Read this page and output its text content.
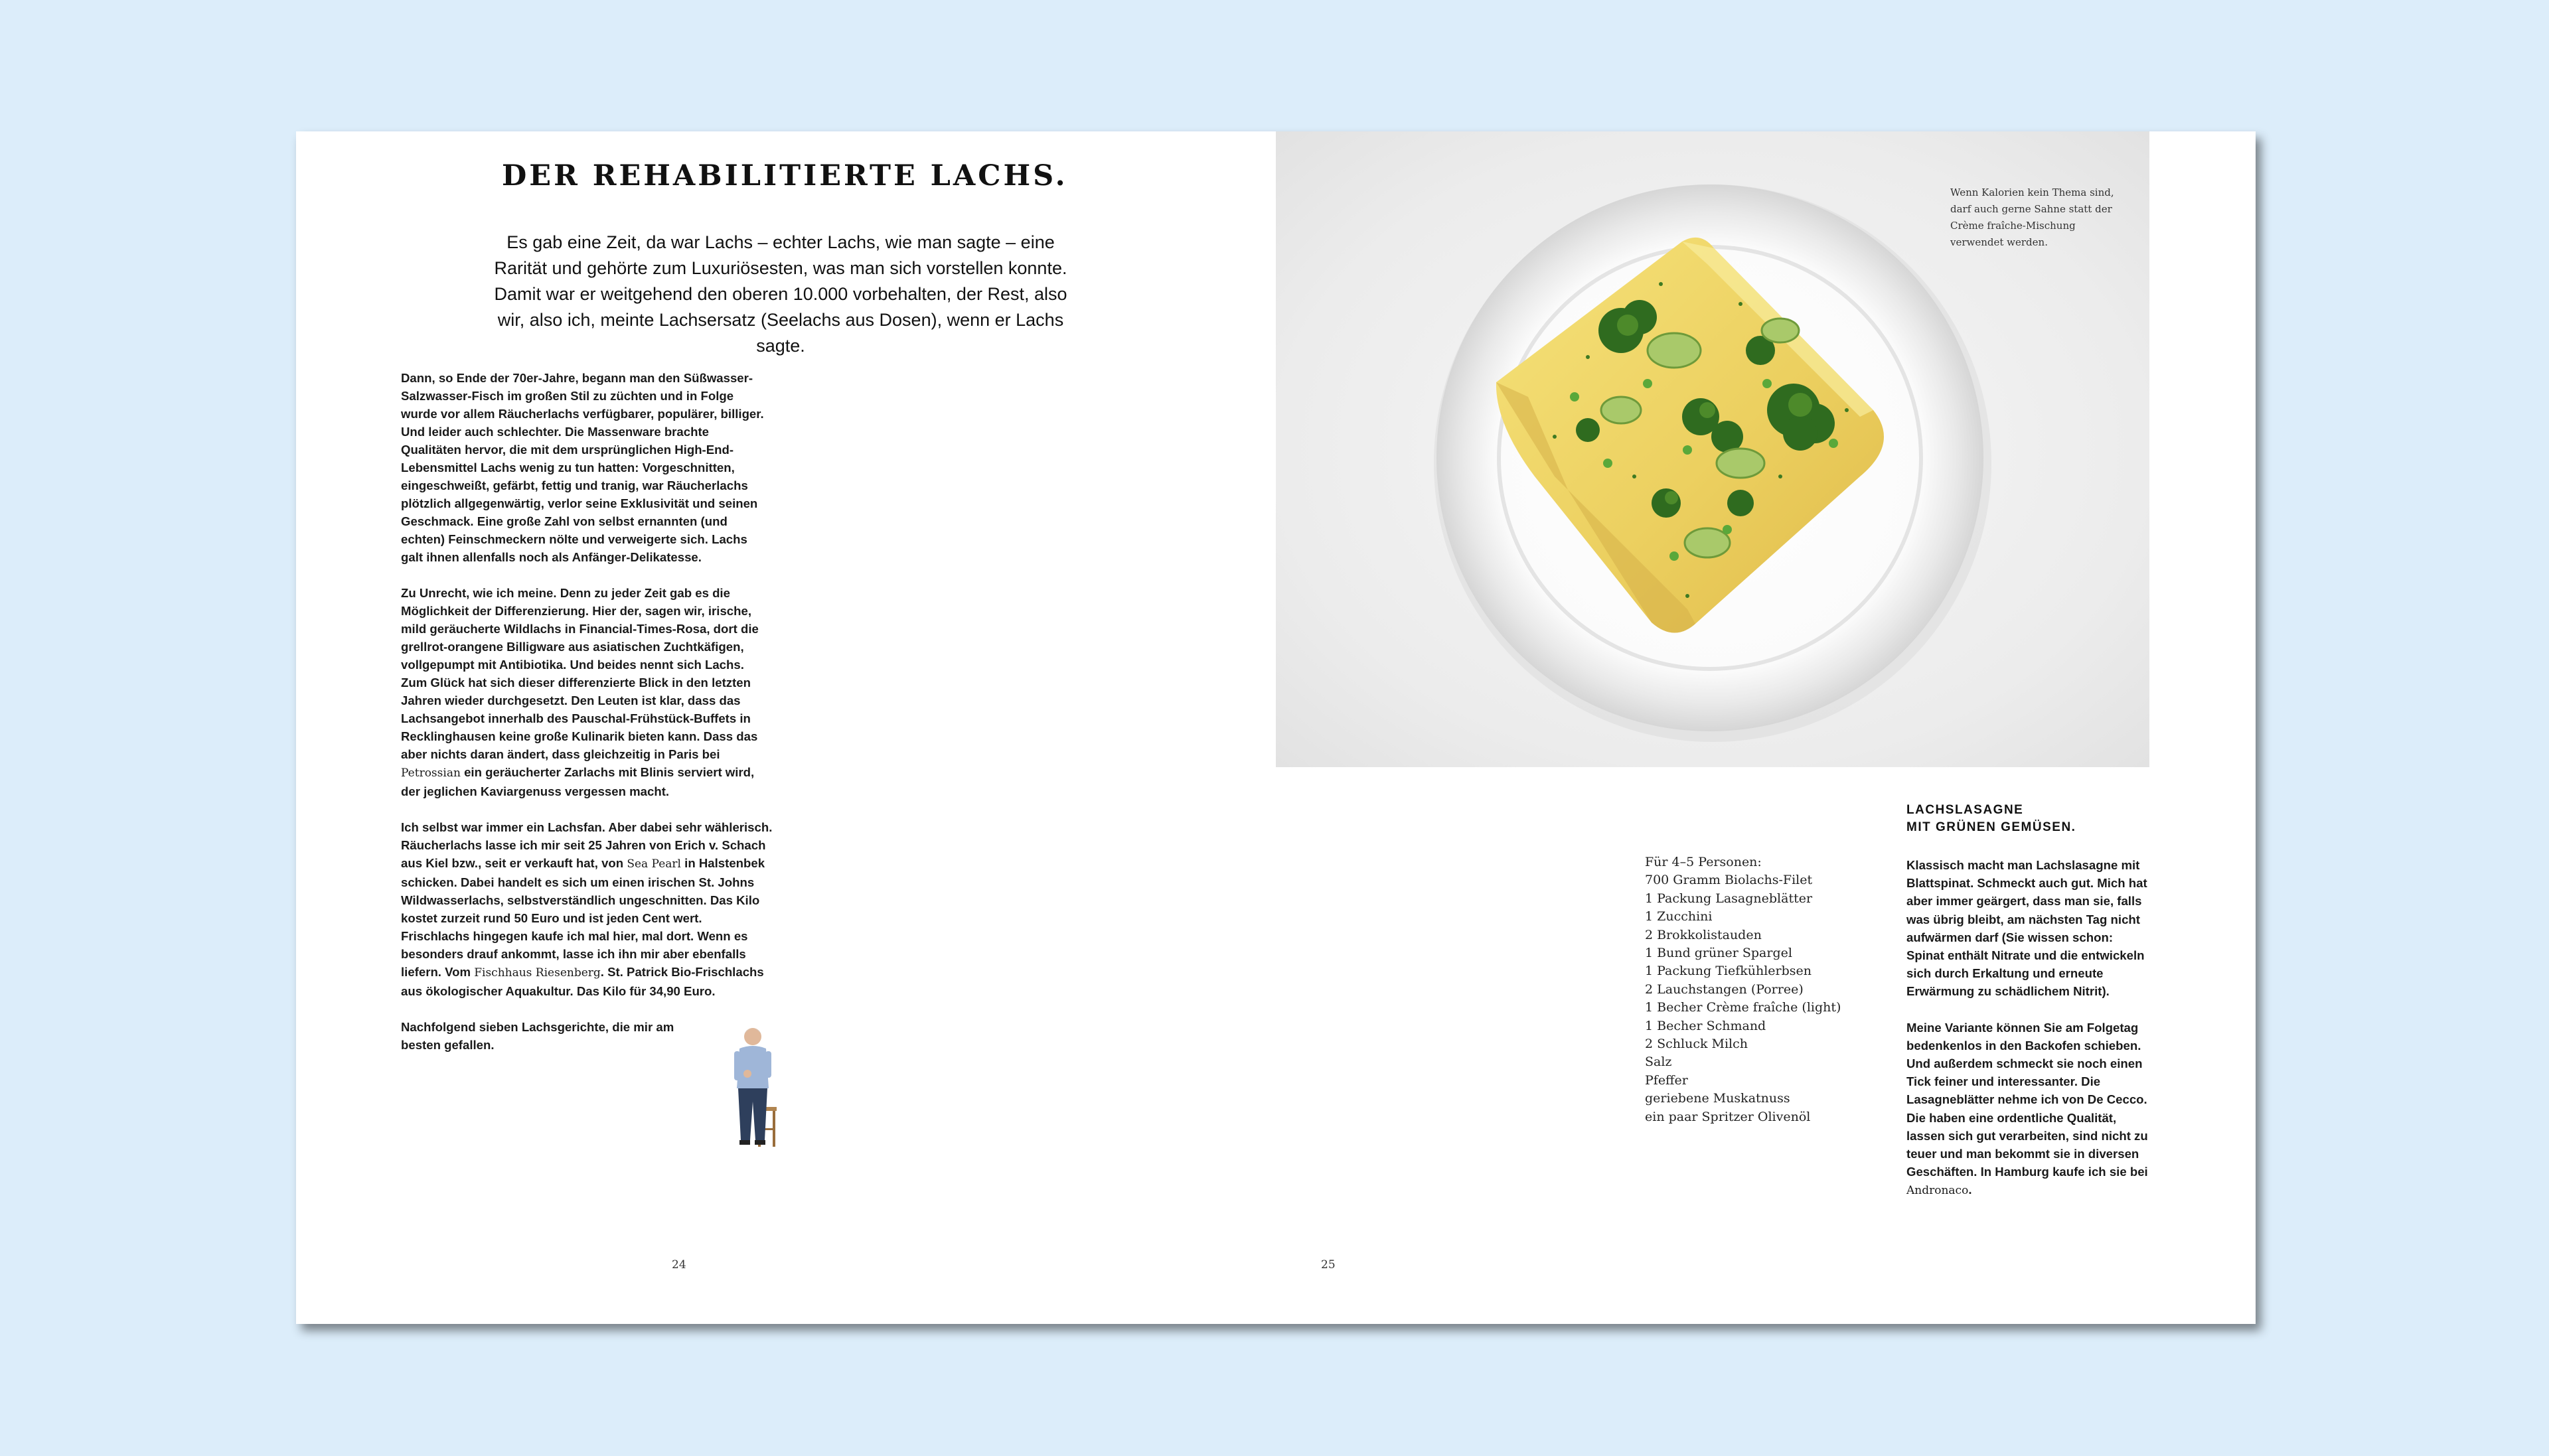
DER REHABILITIERTE LACHS.
Es gab eine Zeit, da war Lachs – echter Lachs, wie man sagte – eine Rarität und gehörte zum Luxuriösesten, was man sich vorstellen konnte. Damit war er weitgehend den oberen 10.000 vorbehalten, der Rest, also wir, also ich, meinte Lachsersatz (Seelachs aus Dosen), wenn er Lachs sagte.

Dann, so Ende der 70er-Jahre, begann man den Süßwasser-Salzwasser-Fisch im großen Stil zu züchten und in Folge wurde vor allem Räucherlachs verfügbarer, populärer, billiger. Und leider auch schlechter. Die Massenware brachte Qualitäten hervor, die mit dem ursprünglichen High-End-Lebensmittel Lachs wenig zu tun hatten: Vorgeschnitten, eingeschweißt, gefärbt, fettig und tranig, war Räucherlachs plötzlich allgegenwärtig, verlor seine Exklusivität und seinen Geschmack. Eine große Zahl von selbst ernannten (und echten) Feinschmeckern nölte und verweigerte sich. Lachs galt ihnen allenfalls noch als Anfänger-Delikatesse.

Zu Unrecht, wie ich meine. Denn zu jeder Zeit gab es die Möglichkeit der Differenzierung. Hier der, sagen wir, irische, mild geräucherte Wildlachs in Financial-Times-Rosa, dort die grellrot-orangene Billigware aus asiatischen Zuchtkäfigen, vollgepumpt mit Antibiotika. Und beides nennt sich Lachs. Zum Glück hat sich dieser differenzierte Blick in den letzten Jahren wieder durchgesetzt. Den Leuten ist klar, dass das Lachsangebot innerhalb des Pauschal-Frühstück-Buffets in Recklinghausen keine große Kulinarik bieten kann. Dass das aber nichts daran ändert, dass gleichzeitig in Paris bei Petrossian ein geräucherter Zarlachs mit Blinis serviert wird, der jeglichen Kaviargenuss vergessen macht.

Ich selbst war immer ein Lachsfan. Aber dabei sehr wählerisch. Räucherlachs lasse ich mir seit 25 Jahren von Erich v. Schach aus Kiel bzw., seit er verkauft hat, von Sea Pearl in Halstenbek schicken. Dabei handelt es sich um einen irischen St. Johns Wildwasserlachs, selbstverständlich ungeschnitten. Das Kilo kostet zurzeit rund 50 Euro und ist jeden Cent wert. Frischlachs hingegen kaufe ich mal hier, mal dort. Wenn es besonders drauf ankommt, lasse ich ihn mir aber ebenfalls liefern. Vom Fischhaus Riesenberg. St. Patrick Bio-Frischlachs aus ökologischer Aquakultur. Das Kilo für 34,90 Euro.

Nachfolgend sieben Lachsgerichte, die mir am besten gefallen.

24
Wenn Kalorien kein Thema sind, darf auch gerne Sahne statt der Crème fraîche-Mischung verwendet werden.
Für 4–5 Personen:
700 Gramm Biolachs-Filet
1 Packung Lasagneblätter
1 Zucchini
2 Brokkolistauden
1 Bund grüner Spargel
1 Packung Tiefkühlerbsen
2 Lauchstangen (Porree)
1 Becher Crème fraîche (light)
1 Becher Schmand
2 Schluck Milch
Salz
Pfeffer
geriebene Muskatnuss
ein paar Spritzer Olivenöl
LACHSLASAGNE
MIT GRÜNEN GEMÜSEN.

Klassisch macht man Lachslasagne mit Blattspinat. Schmeckt auch gut. Mich hat aber immer geärgert, dass man sie, falls was übrig bleibt, am nächsten Tag nicht aufwärmen darf (Sie wissen schon: Spinat enthält Nitrate und die entwickeln sich durch Erkaltung und erneute Erwärmung zu schädlichem Nitrit).

Meine Variante können Sie am Folgetag bedenkenlos in den Backofen schieben. Und außerdem schmeckt sie noch einen Tick feiner und interessanter. Die Lasagneblätter nehme ich von De Cecco. Die haben eine ordentliche Qualität, lassen sich gut verarbeiten, sind nicht zu teuer und man bekommt sie in diversen Geschäften. In Hamburg kaufe ich sie bei Andronaco.

25
